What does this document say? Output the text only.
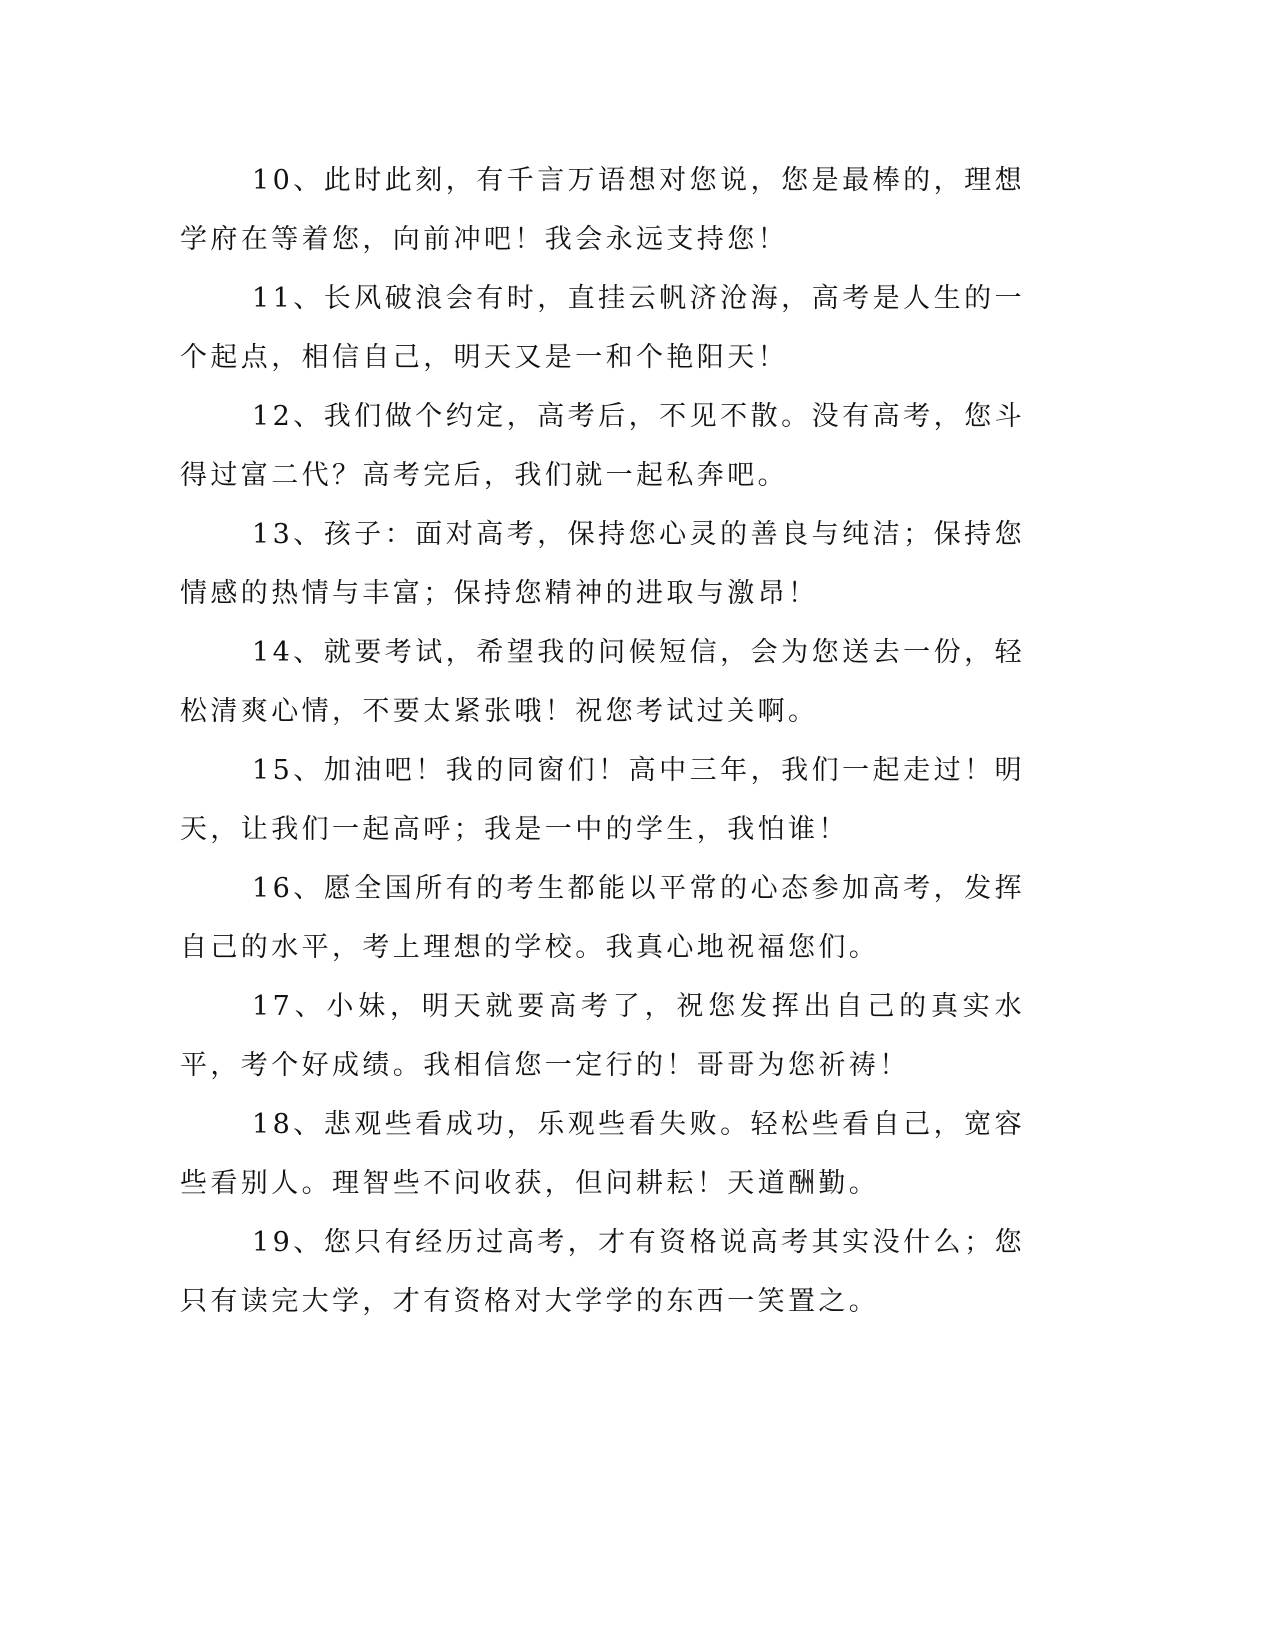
10、此时此刻，有千言万语想对您说，您是最棒的，理想学府在等着您，向前冲吧！我会永远支持您！

11、长风破浪会有时，直挂云帆济沧海，高考是人生的一个起点，相信自己，明天又是一和个艳阳天！

12、我们做个约定，高考后，不见不散。没有高考，您斗得过富二代？高考完后，我们就一起私奔吧。

13、孩子：面对高考，保持您心灵的善良与纯洁；保持您情感的热情与丰富；保持您精神的进取与激昂！

14、就要考试，希望我的问候短信，会为您送去一份，轻松清爽心情，不要太紧张哦！祝您考试过关啊。

15、加油吧！我的同窗们！高中三年，我们一起走过！明天，让我们一起高呼；我是一中的学生，我怕谁！

16、愿全国所有的考生都能以平常的心态参加高考，发挥自己的水平，考上理想的学校。我真心地祝福您们。

17、小妹，明天就要高考了，祝您发挥出自己的真实水平，考个好成绩。我相信您一定行的！哥哥为您祈祷！

18、悲观些看成功，乐观些看失败。轻松些看自己，宽容些看别人。理智些不问收获，但问耕耘！天道酬勤。

19、您只有经历过高考，才有资格说高考其实没什么；您只有读完大学，才有资格对大学学的东西一笑置之。
